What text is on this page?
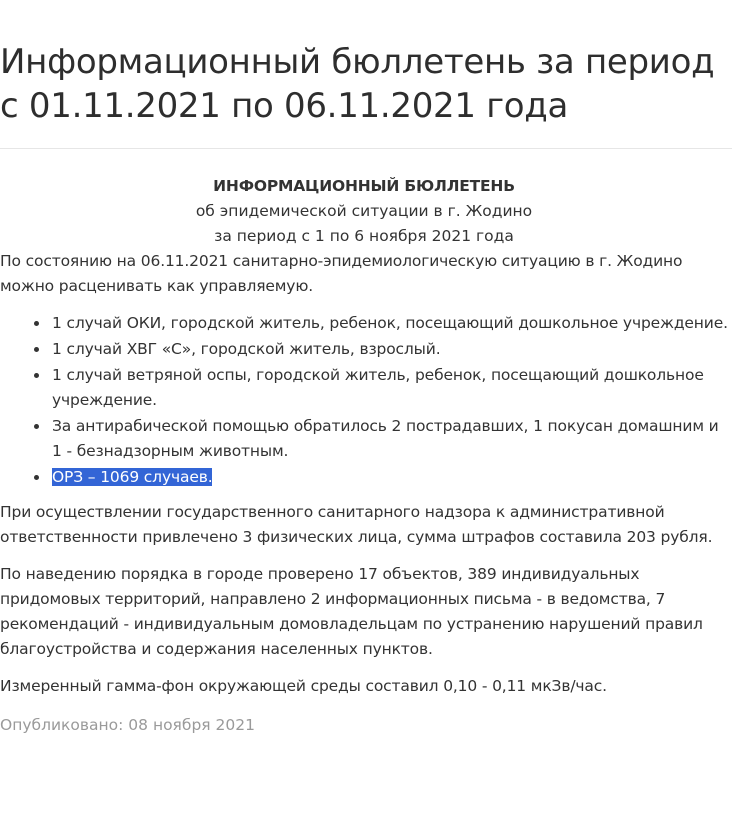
Информационный бюллетень за период с 01.11.2021 по 06.11.2021 года

ИНФОРМАЦИОННЫЙ БЮЛЛЕТЕНЬ

об эпидемической ситуации в г. Жодино

за период с 1 по 6 ноября 2021 года

По состоянию на 06.11.2021 санитарно-эпидемиологическую ситуацию в г. Жодино можно расценивать как управляемую.

• 1 случай ОКИ, городской житель, ребенок, посещающий дошкольное учреждение.
• 1 случай ХВГ «С», городской житель, взрослый.
• 1 случай ветряной оспы, городской житель, ребенок, посещающий дошкольное учреждение.
• За антирабической помощью обратилось 2 пострадавших, 1 покусан домашним и 1 - безнадзорным животным.
• ОРЗ – 1069 случаев.

При осуществлении государственного санитарного надзора к административной ответственности привлечено 3 физических лица, сумма штрафов составила 203 рубля.

По наведению порядка в городе проверено 17 объектов, 389 индивидуальных придомовых территорий, направлено 2 информационных письма - в ведомства, 7 рекомендаций - индивидуальным домовладельцам по устранению нарушений правил благоустройства и содержания населенных пунктов.

Измеренный гамма-фон окружающей среды составил 0,10 - 0,11 мкЗв/час.

Опубликовано: 08 ноября 2021
